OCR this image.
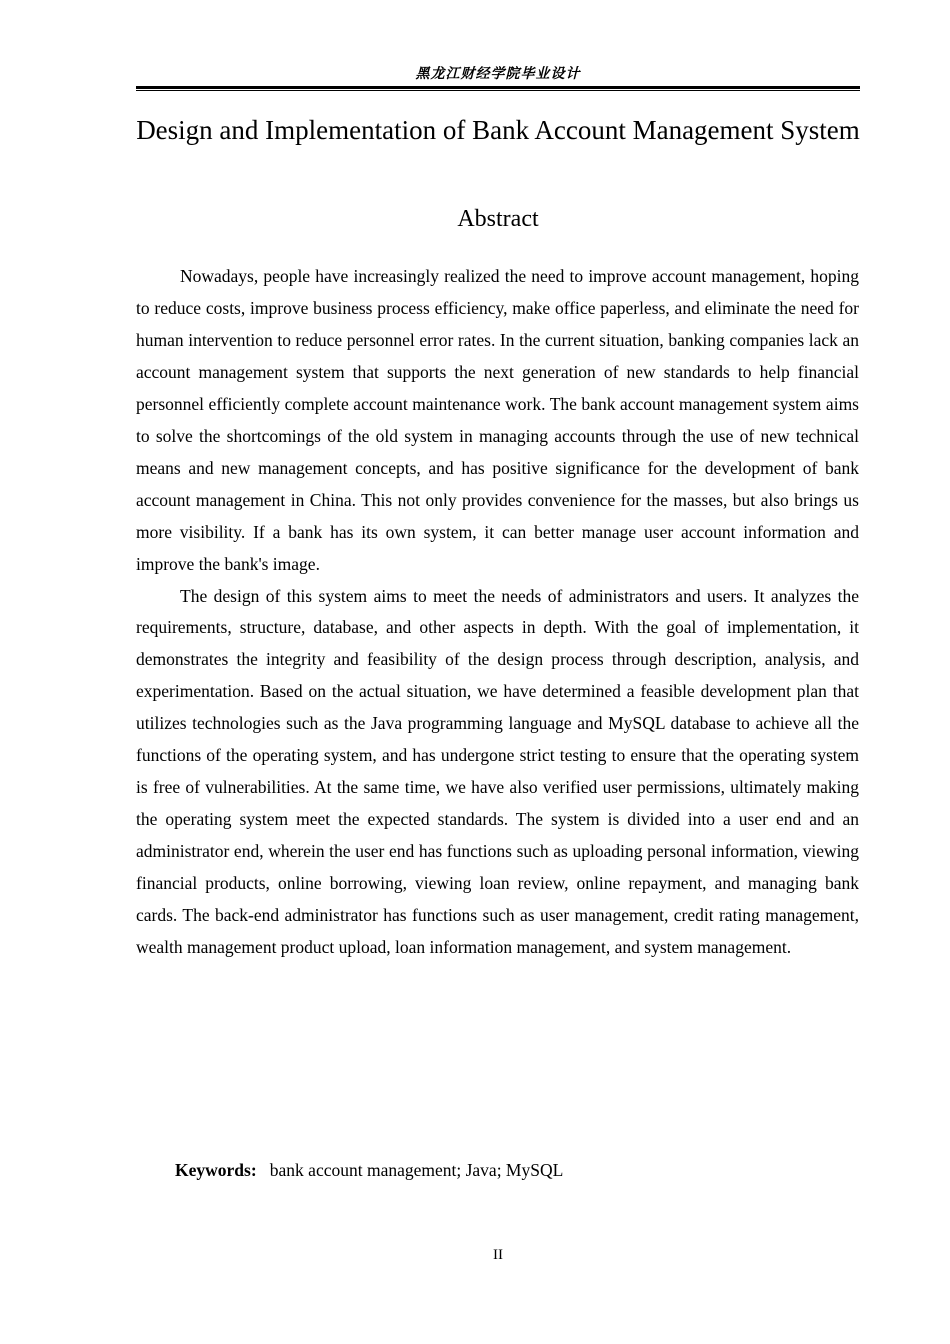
黑龙江财经学院毕业设计
Design and Implementation of Bank Account Management System
Abstract

Nowadays, people have increasingly realized the need to improve account management, hoping to reduce costs, improve business process efficiency, make office paperless, and eliminate the need for human intervention to reduce personnel error rates. In the current situation, banking companies lack an account management system that supports the next generation of new standards to help financial personnel efficiently complete account maintenance work. The bank account management system aims to solve the shortcomings of the old system in managing accounts through the use of new technical means and new management concepts, and has positive significance for the development of bank account management in China. This not only provides convenience for the masses, but also brings us more visibility. If a bank has its own system, it can better manage user account information and improve the bank's image.

The design of this system aims to meet the needs of administrators and users. It analyzes the requirements, structure, database, and other aspects in depth. With the goal of implementation, it demonstrates the integrity and feasibility of the design process through description, analysis, and experimentation. Based on the actual situation, we have determined a feasible development plan that utilizes technologies such as the Java programming language and MySQL database to achieve all the functions of the operating system, and has undergone strict testing to ensure that the operating system is free of vulnerabilities. At the same time, we have also verified user permissions, ultimately making the operating system meet the expected standards. The system is divided into a user end and an administrator end, wherein the user end has functions such as uploading personal information, viewing financial products, online borrowing, viewing loan review, online repayment, and managing bank cards. The back-end administrator has functions such as user management, credit rating management, wealth management product upload, loan information management, and system management.

Keywords: bank account management; Java; MySQL
II
